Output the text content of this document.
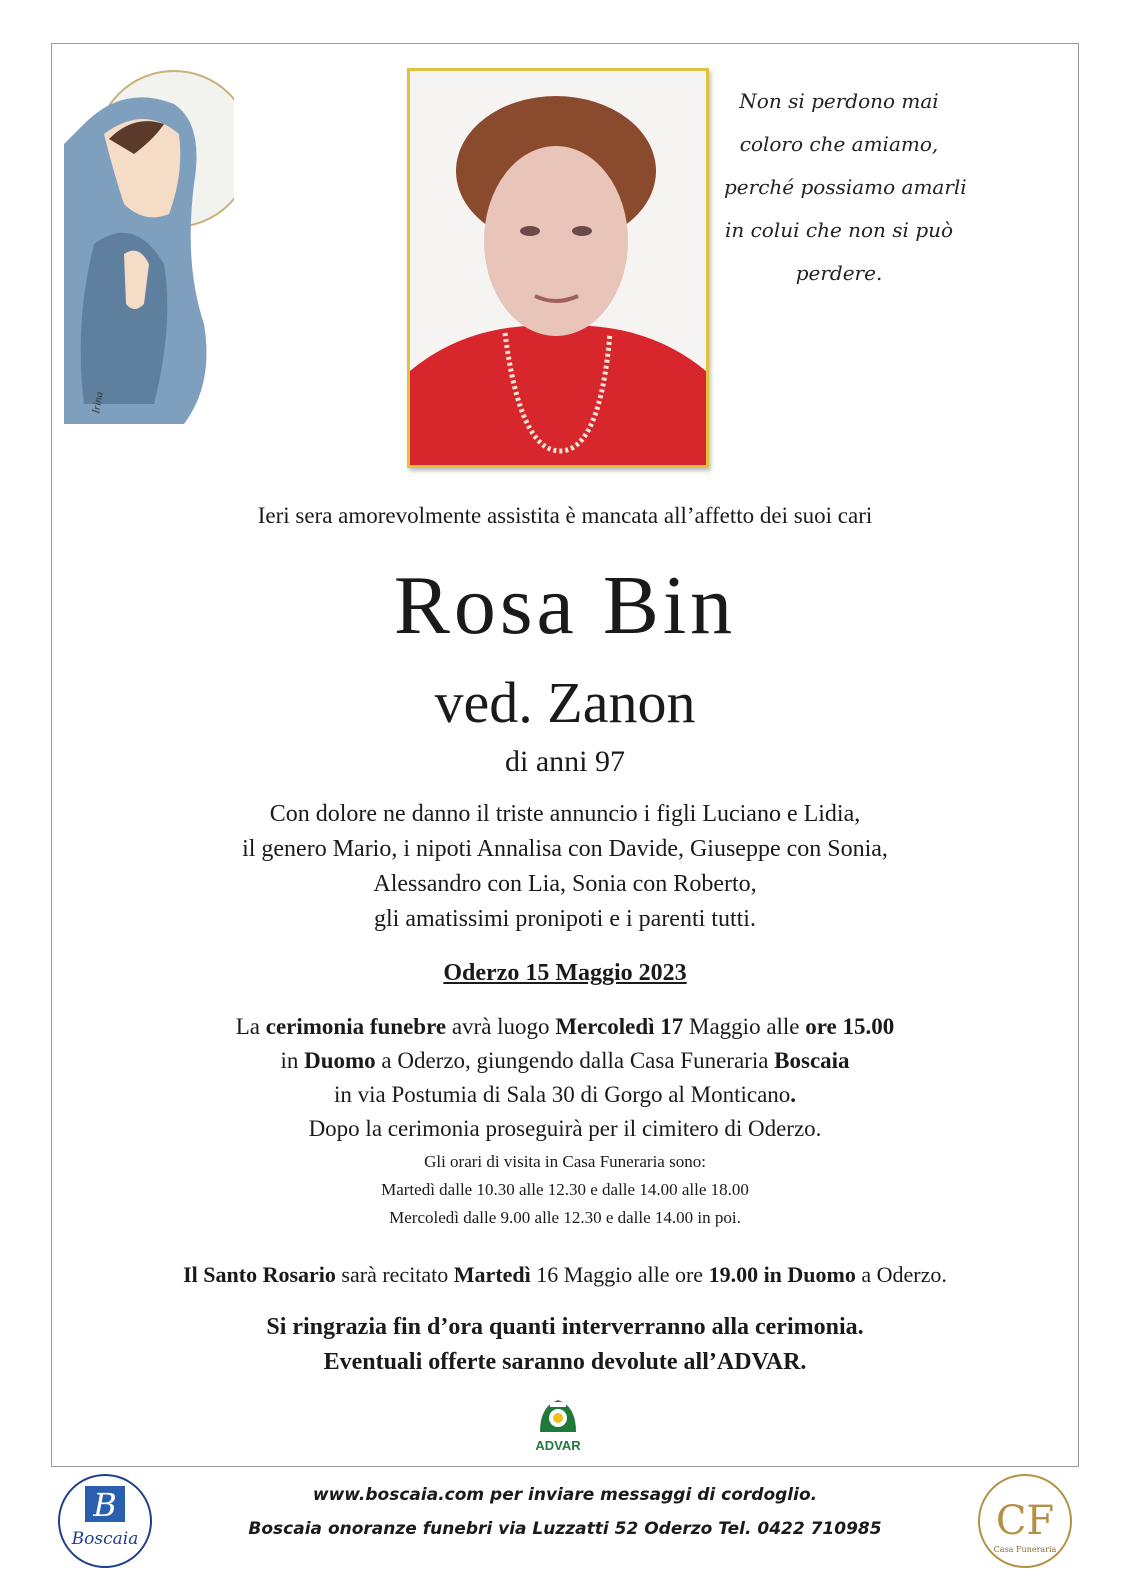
Irina
Non si perdono mai
coloro che amiamo,
perché possiamo amarli
in colui che non si può
perdere.
Ieri sera amorevolmente assistita è mancata all’affetto dei suoi cari
Rosa Bin
ved. Zanon
di anni 97
Con dolore ne danno il triste annuncio i figli Luciano e Lidia,
il genero Mario, i nipoti Annalisa con Davide, Giuseppe con Sonia,
Alessandro con Lia, Sonia con Roberto,
gli amatissimi pronipoti e i parenti tutti.
Oderzo 15 Maggio 2023
La cerimonia funebre avrà luogo Mercoledì 17 Maggio alle ore 15.00
in Duomo a Oderzo, giungendo dalla Casa Funeraria Boscaia
in via Postumia di Sala 30 di Gorgo al Monticano.
Dopo la cerimonia proseguirà per il cimitero di Oderzo.
Gli orari di visita in Casa Funeraria sono:
Martedì dalle 10.30 alle 12.30 e dalle 14.00 alle 18.00
Mercoledì dalle 9.00 alle 12.30 e dalle 14.00 in poi.
Il Santo Rosario sarà recitato Martedì 16 Maggio alle ore 19.00 in Duomo a Oderzo.
Si ringrazia fin d’ora quanti interverranno alla cerimonia.
Eventuali offerte saranno devolute all’ADVAR.
ADVAR
www.boscaia.com per inviare messaggi di cordoglio.
Boscaia onoranze funebri via Luzzatti 52 Oderzo Tel. 0422 710985
B
Boscaia	CF
Casa Funeraria
